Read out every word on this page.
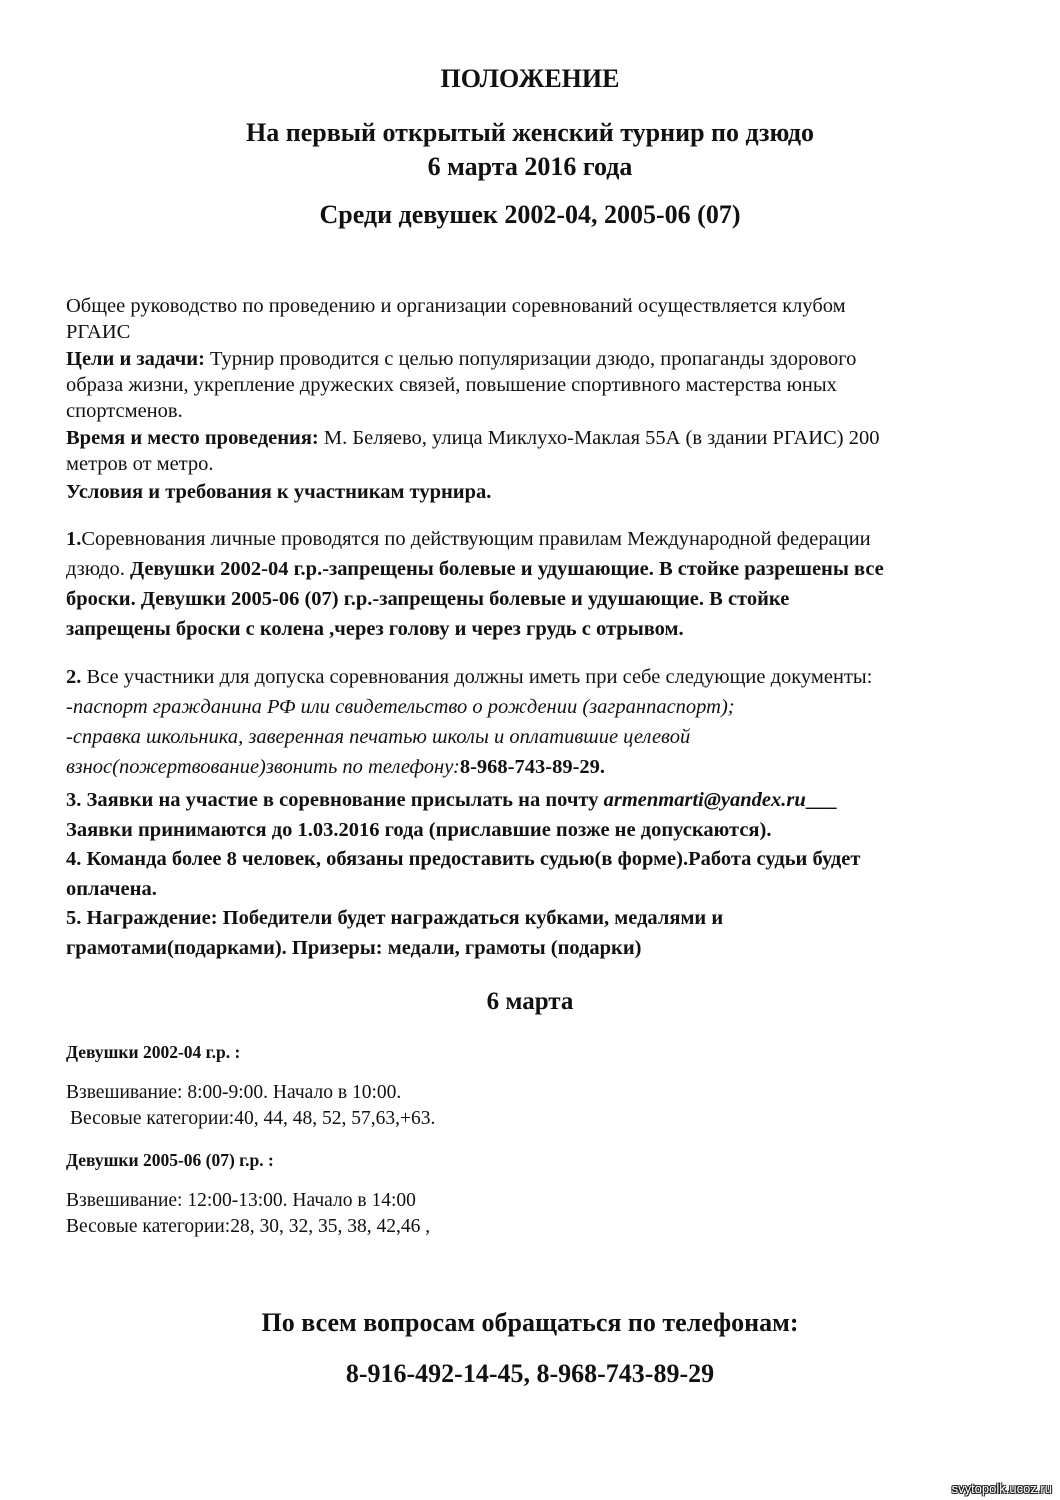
ПОЛОЖЕНИЕ
На первый открытый женский турнир по дзюдо
6 марта 2016 года
Среди девушек 2002-04, 2005-06 (07)
Общее руководство по проведению и организации соревнований осуществляется клубом
РГАИС
Цели и задачи: Турнир проводится с целью популяризации дзюдо, пропаганды здорового
образа жизни, укрепление дружеских связей, повышение спортивного мастерства юных
спортсменов.
Время и место проведения: М. Беляево, улица Миклухо-Маклая 55А (в здании РГАИС) 200
метров от метро.
Условия и требования к участникам турнира.
1.Соревнования личные проводятся по действующим правилам Международной федерации
дзюдо. Девушки 2002-04 г.р.-запрещены болевые и удушающие. В стойке разрешены все
броски. Девушки 2005-06 (07) г.р.-запрещены болевые и удушающие. В стойке
запрещены броски с колена ,через голову и через грудь с отрывом.
2. Все участники для допуска соревнования должны иметь при себе следующие документы:
-паспорт гражданина РФ или свидетельство о рождении (загранпаспорт);
-справка школьника, заверенная печатью школы и оплатившие целевой
взнос(пожертвование)звонить по телефону:8-968-743-89-29.
3. Заявки на участие в соревнование присылать на почту armenmarti@yandex.ru___
Заявки принимаются до 1.03.2016 года (приславшие позже не допускаются).
4. Команда более 8 человек, обязаны предоставить судью(в форме).Работа судьи будет
оплачена.
5. Награждение: Победители будет награждаться кубками, медалями и
грамотами(подарками). Призеры: медали, грамоты (подарки)
6 марта
Девушки 2002-04 г.р. :
Взвешивание: 8:00-9:00. Начало в 10:00.
Весовые категории:40, 44, 48, 52, 57,63,+63.
Девушки 2005-06 (07) г.р. :
Взвешивание: 12:00-13:00. Начало в 14:00
Весовые категории:28, 30, 32, 35, 38, 42,46 ,
По всем вопросам обращаться по телефонам:
8-916-492-14-45, 8-968-743-89-29
svytopolk.ucoz.ru
